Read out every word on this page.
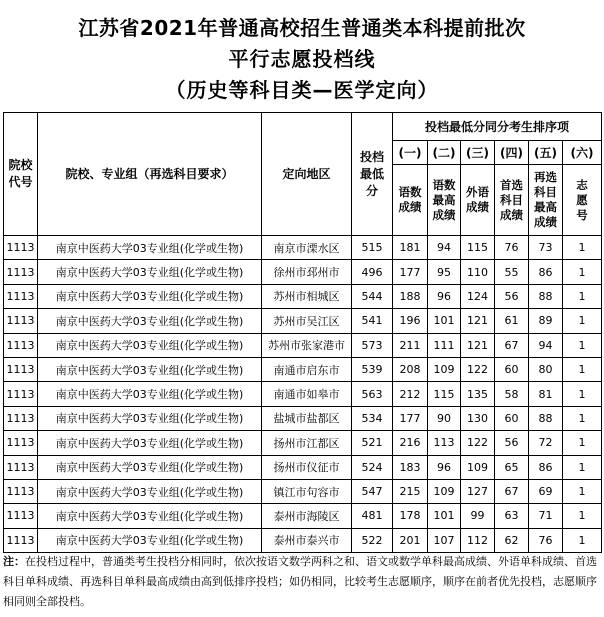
江苏省2021年普通高校招生普通类本科提前批次
平行志愿投档线
（历史等科目类—医学定向）
院校代号	院校、专业组（再选科目要求）	定向地区	投档最低分	投档最低分同分考生排序项					
				(一)	(二)	(三)	(四)	(五)	(六)

				语数成绩	语数最高成绩	外语成绩	首选科目成绩	再选科目最高成绩	志愿号

1113	南京中医药大学03专业组(化学或生物)	南京市溧水区	515	181	94	115	76	73	1
1113	南京中医药大学03专业组(化学或生物)	徐州市邳州市	496	177	95	110	55	86	1
1113	南京中医药大学03专业组(化学或生物)	苏州市相城区	544	188	96	124	56	88	1
1113	南京中医药大学03专业组(化学或生物)	苏州市吴江区	541	196	101	121	61	89	1
1113	南京中医药大学03专业组(化学或生物)	苏州市张家港市	573	211	111	121	67	94	1
1113	南京中医药大学03专业组(化学或生物)	南通市启东市	539	208	109	122	60	80	1
1113	南京中医药大学03专业组(化学或生物)	南通市如皋市	563	212	115	135	58	81	1
1113	南京中医药大学03专业组(化学或生物)	盐城市盐都区	534	177	90	130	60	88	1
1113	南京中医药大学03专业组(化学或生物)	扬州市江都区	521	216	113	122	56	72	1
1113	南京中医药大学03专业组(化学或生物)	扬州市仪征市	524	183	96	109	65	86	1
1113	南京中医药大学03专业组(化学或生物)	镇江市句容市	547	215	109	127	67	69	1
1113	南京中医药大学03专业组(化学或生物)	泰州市海陵区	481	178	101	99	63	71	1
1113	南京中医药大学03专业组(化学或生物)	泰州市泰兴市	522	201	107	112	62	76	1
注：在投档过程中，普通类考生投档分相同时，依次按语文数学两科之和、语文或数学单科最高成绩、外语单科成绩、首选科目单科成绩、再选科目单科最高成绩由高到低排序投档；如仍相同，比较考生志愿顺序，顺序在前者优先投档，志愿顺序相同则全部投档。
